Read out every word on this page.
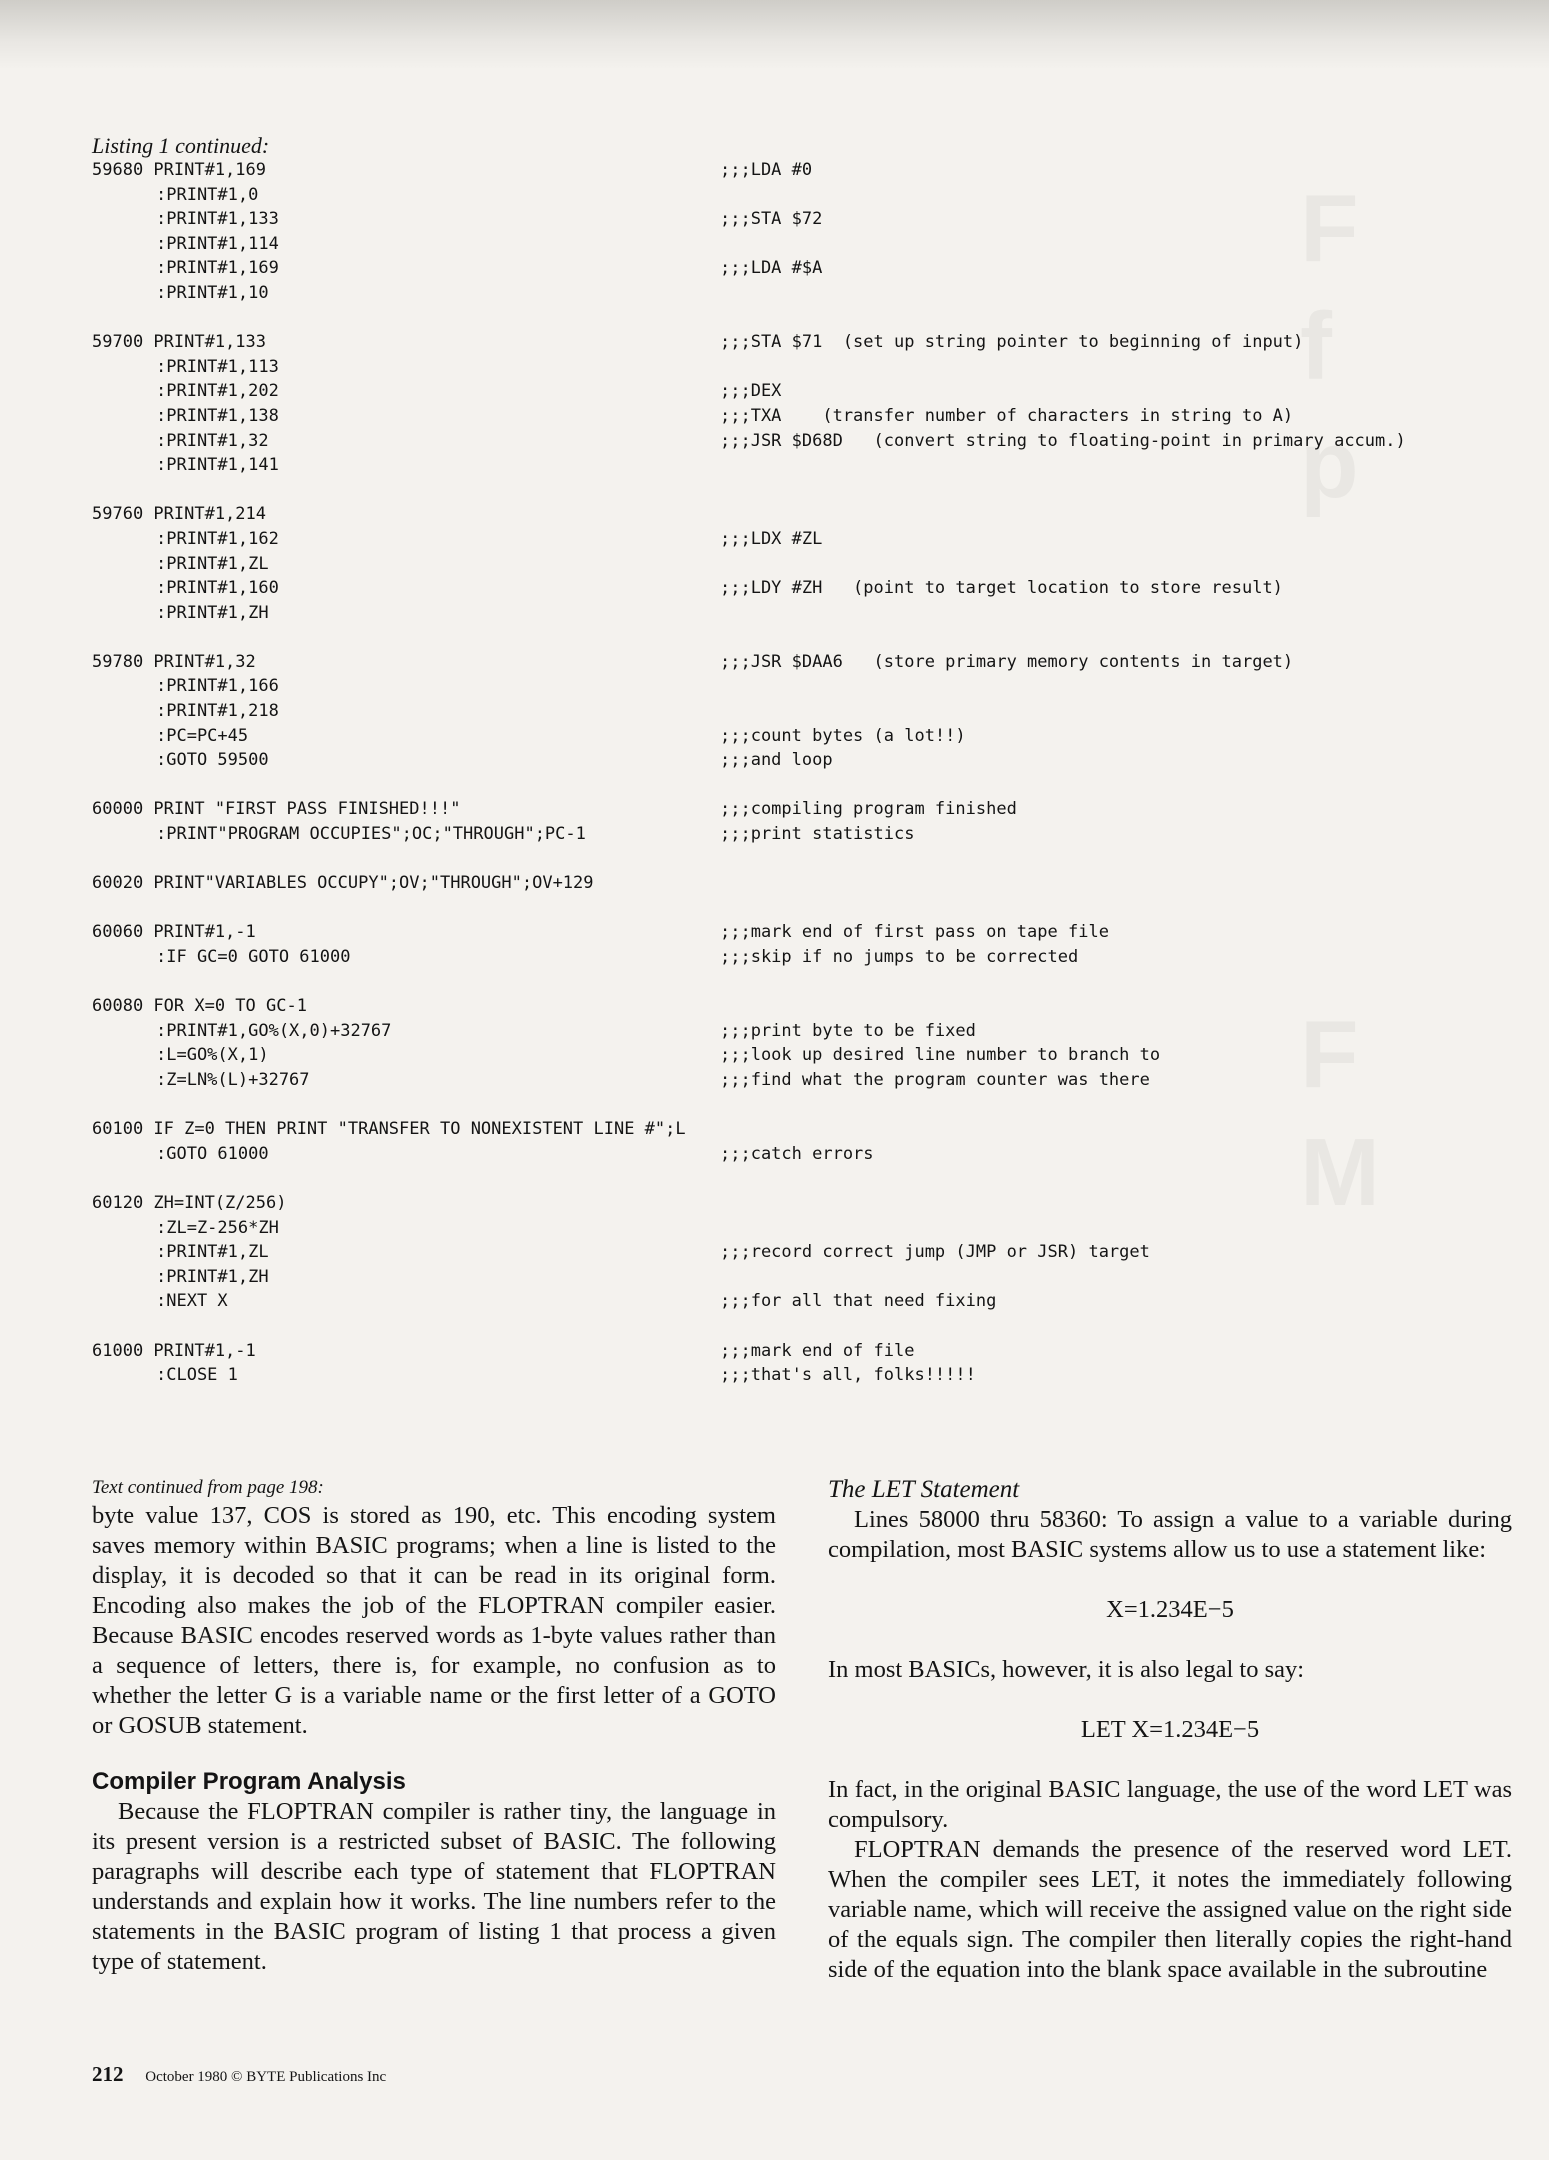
Listing 1 continued:
59680 PRINT#1,169	;;;LDA #0
:PRINT#1,0
:PRINT#1,133	;;;STA $72
:PRINT#1,114
:PRINT#1,169	;;;LDA #$A
:PRINT#1,10
59700 PRINT#1,133	;;;STA $71  (set up string pointer to beginning of input)
:PRINT#1,113
:PRINT#1,202	;;;DEX
:PRINT#1,138	;;;TXA    (transfer number of characters in string to A)
:PRINT#1,32	;;;JSR $D68D   (convert string to floating-point in primary accum.)
:PRINT#1,141
59760 PRINT#1,214
:PRINT#1,162	;;;LDX #ZL
:PRINT#1,ZL
:PRINT#1,160	;;;LDY #ZH   (point to target location to store result)
:PRINT#1,ZH
59780 PRINT#1,32	;;;JSR $DAA6   (store primary memory contents in target)
:PRINT#1,166
:PRINT#1,218
:PC=PC+45	;;;count bytes (a lot!!)
:GOTO 59500	;;;and loop
60000 PRINT "FIRST PASS FINISHED!!!"	;;;compiling program finished
:PRINT"PROGRAM OCCUPIES";OC;"THROUGH";PC-1	;;;print statistics
60020 PRINT"VARIABLES OCCUPY";OV;"THROUGH";OV+129
60060 PRINT#1,-1	;;;mark end of first pass on tape file
:IF GC=0 GOTO 61000	;;;skip if no jumps to be corrected
60080 FOR X=0 TO GC-1
:PRINT#1,GO%(X,0)+32767	;;;print byte to be fixed
:L=GO%(X,1)	;;;look up desired line number to branch to
:Z=LN%(L)+32767	;;;find what the program counter was there
60100 IF Z=0 THEN PRINT "TRANSFER TO NONEXISTENT LINE #";L
:GOTO 61000	;;;catch errors
60120 ZH=INT(Z/256)
:ZL=Z-256*ZH
:PRINT#1,ZL	;;;record correct jump (JMP or JSR) target
:PRINT#1,ZH
:NEXT X	;;;for all that need fixing
61000 PRINT#1,-1	;;;mark end of file
:CLOSE 1	;;;that's all, folks!!!!!
Text continued from page 198:

byte value 137, COS is stored as 190, etc. This encoding system saves memory within BASIC programs; when a line is listed to the display, it is decoded so that it can be read in its original form. Encoding also makes the job of the FLOPTRAN compiler easier. Because BASIC encodes reserved words as 1-byte values rather than a sequence of letters, there is, for example, no confusion as to whether the letter G is a variable name or the first letter of a GOTO or GOSUB statement.

Compiler Program Analysis

Because the FLOPTRAN compiler is rather tiny, the language in its present version is a restricted subset of BASIC. The following paragraphs will describe each type of statement that FLOPTRAN understands and explain how it works. The line numbers refer to the statements in the BASIC program of listing 1 that process a given type of statement.

The LET Statement

Lines 58000 thru 58360: To assign a value to a variable during compilation, most BASIC systems allow us to use a statement like:

X=1.234E−5

In most BASICs, however, it is also legal to say:

LET X=1.234E−5

In fact, in the original BASIC language, the use of the word LET was compulsory.

FLOPTRAN demands the presence of the reserved word LET. When the compiler sees LET, it notes the immediately following variable name, which will receive the assigned value on the right side of the equals sign. The compiler then literally copies the right-hand side of the equation into the blank space available in the subroutine

212 October 1980 © BYTE Publications Inc
